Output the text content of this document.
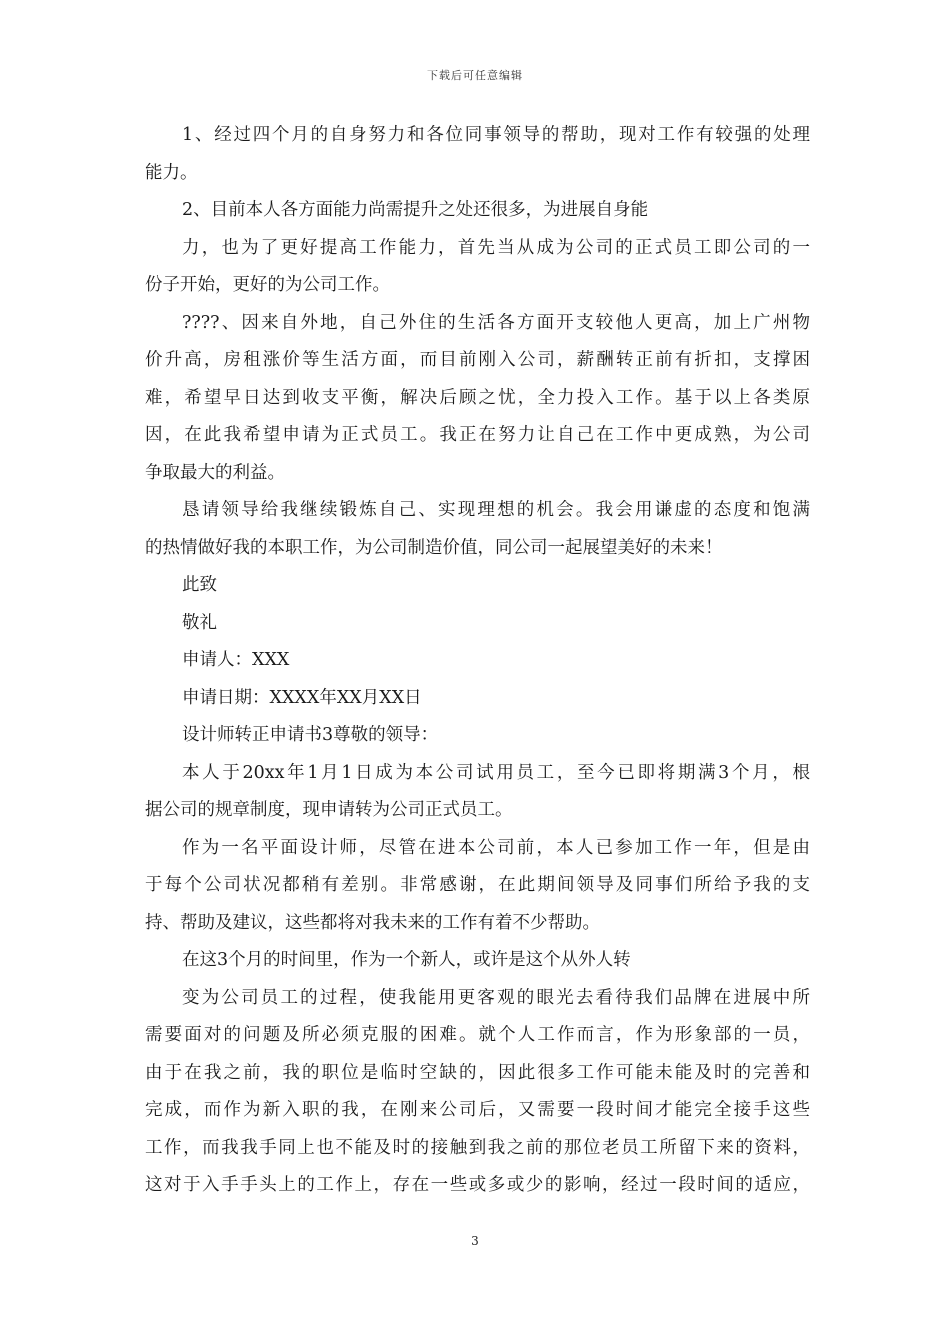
下载后可任意编辑
1、经过四个月的自身努力和各位同事领导的帮助，现对工作有较强的处理
能力。
2、目前本人各方面能力尚需提升之处还很多，为进展自身能
力，也为了更好提高工作能力，首先当从成为公司的正式员工即公司的一
份子开始，更好的为公司工作。
????、因来自外地，自己外住的生活各方面开支较他人更高，加上广州物
价升高，房租涨价等生活方面，而目前刚入公司，薪酬转正前有折扣，支撑困
难，希望早日达到收支平衡，解决后顾之忧，全力投入工作。基于以上各类原
因，在此我希望申请为正式员工。我正在努力让自己在工作中更成熟，为公司
争取最大的利益。
恳请领导给我继续锻炼自己、实现理想的机会。我会用谦虚的态度和饱满
的热情做好我的本职工作，为公司制造价值，同公司一起展望美好的未来！
此致
敬礼
申请人：XXX
申请日期：XXXX年XX月XX日
设计师转正申请书3尊敬的领导：
本人于20xx年1月1日成为本公司试用员工，至今已即将期满3个月，根
据公司的规章制度，现申请转为公司正式员工。
作为一名平面设计师，尽管在进本公司前，本人已参加工作一年，但是由
于每个公司状况都稍有差别。非常感谢，在此期间领导及同事们所给予我的支
持、帮助及建议，这些都将对我未来的工作有着不少帮助。
在这3个月的时间里，作为一个新人，或许是这个从外人转
变为公司员工的过程，使我能用更客观的眼光去看待我们品牌在进展中所
需要面对的问题及所必须克服的困难。就个人工作而言，作为形象部的一员，
由于在我之前，我的职位是临时空缺的，因此很多工作可能未能及时的完善和
完成，而作为新入职的我，在刚来公司后，又需要一段时间才能完全接手这些
工作，而我我手同上也不能及时的接触到我之前的那位老员工所留下来的资料，
这对于入手手头上的工作上，存在一些或多或少的影响，经过一段时间的适应，
3
